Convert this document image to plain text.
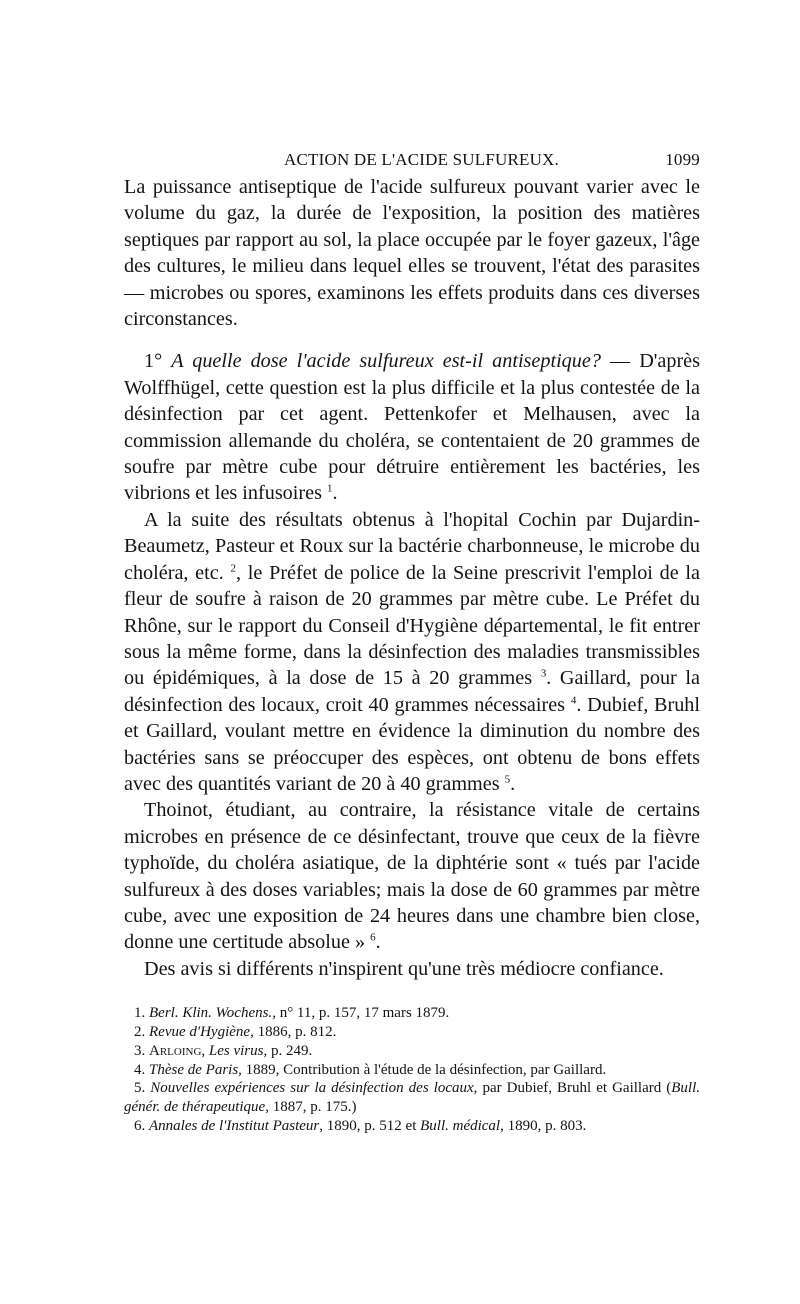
ACTION DE L'ACIDE SULFUREUX.	1099

La puissance antiseptique de l'acide sulfureux pouvant varier avec le volume du gaz, la durée de l'exposition, la position des matières septiques par rapport au sol, la place occupée par le foyer gazeux, l'âge des cultures, le milieu dans lequel elles se trouvent, l'état des parasites — microbes ou spores, examinons les effets produits dans ces diverses circonstances.

1° A quelle dose l'acide sulfureux est-il antiseptique? — D'après Wolffhügel, cette question est la plus difficile et la plus contestée de la désinfection par cet agent. Pettenkofer et Melhausen, avec la commission allemande du choléra, se contentaient de 20 grammes de soufre par mètre cube pour détruire entièrement les bactéries, les vibrions et les infusoires $^1$.

A la suite des résultats obtenus à l'hopital Cochin par Dujardin-Beaumetz, Pasteur et Roux sur la bactérie charbonneuse, le microbe du choléra, etc. $^2$, le Préfet de police de la Seine prescrivit l'emploi de la fleur de soufre à raison de 20 grammes par mètre cube. Le Préfet du Rhône, sur le rapport du Conseil d'Hygiène départemental, le fit entrer sous la même forme, dans la désinfection des maladies transmissibles ou épidémiques, à la dose de 15 à 20 grammes $^3$. Gaillard, pour la désinfection des locaux, croit 40 grammes nécessaires $^4$. Dubief, Bruhl et Gaillard, voulant mettre en évidence la diminution du nombre des bactéries sans se préoccuper des espèces, ont obtenu de bons effets avec des quantités variant de 20 à 40 grammes $^5$.

Thoinot, étudiant, au contraire, la résistance vitale de certains microbes en présence de ce désinfectant, trouve que ceux de la fièvre typhoïde, du choléra asiatique, de la diphtérie sont « tués par l'acide sulfureux à des doses variables; mais la dose de 60 grammes par mètre cube, avec une exposition de 24 heures dans une chambre bien close, donne une certitude absolue » $^6$.

Des avis si différents n'inspirent qu'une très médiocre confiance.

1. Berl. Klin. Wochens., n° 11, p. 157, 17 mars 1879.

2. Revue d'Hygiène, 1886, p. 812.

3. Arloing, Les virus, p. 249.

4. Thèse de Paris, 1889, Contribution à l'étude de la désinfection, par Gaillard.

5. Nouvelles expériences sur la désinfection des locaux, par Dubief, Bruhl et Gaillard (Bull. génér. de thérapeutique, 1887, p. 175.)

6. Annales de l'Institut Pasteur, 1890, p. 512 et Bull. médical, 1890, p. 803.
